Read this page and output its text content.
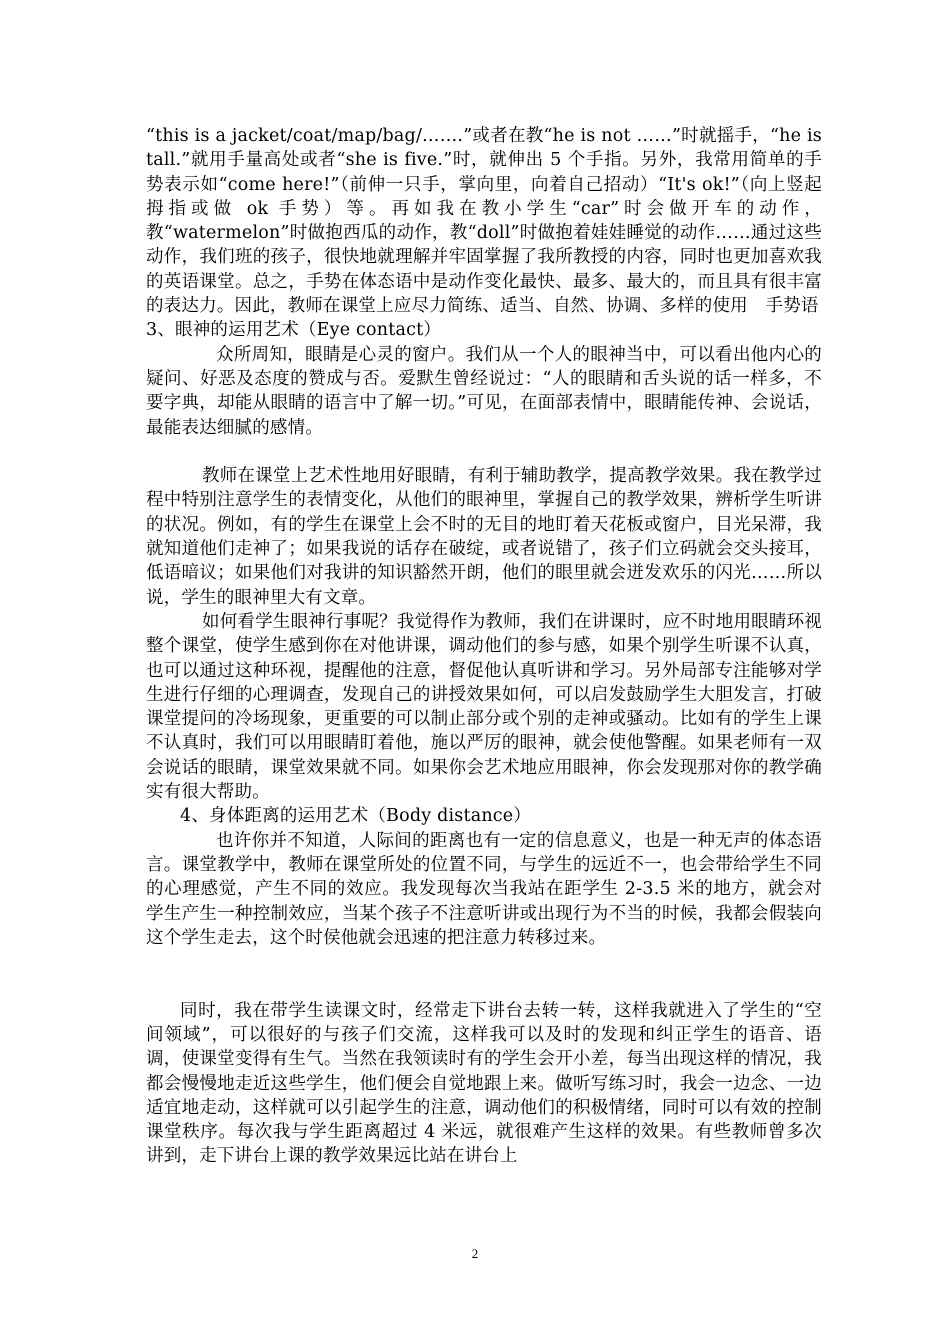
“this is a jacket/coat/map/bag/…….”或者在教“he is not ……”时就摇手，“he is tall.”就用手量高处或者“she is five.”时，就伸出 5 个手指。另外，我常用简单的手势表示如“come here!”（前伸一只手，掌向里，向着自己招动）“It's ok!”（向上竖起拇指或做 ok 手势）等。再如我在教小学生“car”时会做开车的动作，教“watermelon”时做抱西瓜的动作，教“doll”时做抱着娃娃睡觉的动作……通过这些动作，我们班的孩子，很快地就理解并牢固掌握了我所教授的内容，同时也更加喜欢我的英语课堂。总之，手势在体态语中是动作变化最快、最多、最大的，而且具有很丰富的表达力。因此，教师在课堂上应尽力简练、适当、自然、协调、多样的使用　手势语

3、眼神的运用艺术（Eye contact）

众所周知，眼睛是心灵的窗户。我们从一个人的眼神当中，可以看出他内心的疑问、好恶及态度的赞成与否。爱默生曾经说过：“人的眼睛和舌头说的话一样多，不要字典，却能从眼睛的语言中了解一切。”可见，在面部表情中，眼睛能传神、会说话，最能表达细腻的感情。

教师在课堂上艺术性地用好眼睛，有利于辅助教学，提高教学效果。我在教学过程中特别注意学生的表情变化，从他们的眼神里，掌握自己的教学效果，辨析学生听讲的状况。例如，有的学生在课堂上会不时的无目的地盯着天花板或窗户，目光呆滞，我就知道他们走神了；如果我说的话存在破绽，或者说错了，孩子们立码就会交头接耳，低语暗议；如果他们对我讲的知识豁然开朗，他们的眼里就会迸发欢乐的闪光……所以说，学生的眼神里大有文章。

如何看学生眼神行事呢？我觉得作为教师，我们在讲课时，应不时地用眼睛环视整个课堂，使学生感到你在对他讲课，调动他们的参与感，如果个别学生听课不认真，也可以通过这种环视，提醒他的注意，督促他认真听讲和学习。另外局部专注能够对学生进行仔细的心理调查，发现自己的讲授效果如何，可以启发鼓励学生大胆发言，打破课堂提问的冷场现象，更重要的可以制止部分或个别的走神或骚动。比如有的学生上课不认真时，我们可以用眼睛盯着他，施以严厉的眼神，就会使他警醒。如果老师有一双会说话的眼睛，课堂效果就不同。如果你会艺术地应用眼神，你会发现那对你的教学确实有很大帮助。

4、身体距离的运用艺术（Body distance）

也许你并不知道，人际间的距离也有一定的信息意义，也是一种无声的体态语言。课堂教学中，教师在课堂所处的位置不同，与学生的远近不一，也会带给学生不同的心理感觉，产生不同的效应。我发现每次当我站在距学生 2-3.5 米的地方，就会对学生产生一种控制效应，当某个孩子不注意听讲或出现行为不当的时候，我都会假装向这个学生走去，这个时侯他就会迅速的把注意力转移过来。

同时，我在带学生读课文时，经常走下讲台去转一转，这样我就进入了学生的“空间领域”，可以很好的与孩子们交流，这样我可以及时的发现和纠正学生的语音、语调，使课堂变得有生气。当然在我领读时有的学生会开小差，每当出现这样的情况，我都会慢慢地走近这些学生，他们便会自觉地跟上来。做听写练习时，我会一边念、一边适宜地走动，这样就可以引起学生的注意，调动他们的积极情绪，同时可以有效的控制课堂秩序。每次我与学生距离超过 4 米远，就很难产生这样的效果。有些教师曾多次讲到，走下讲台上课的教学效果远比站在讲台上

2
